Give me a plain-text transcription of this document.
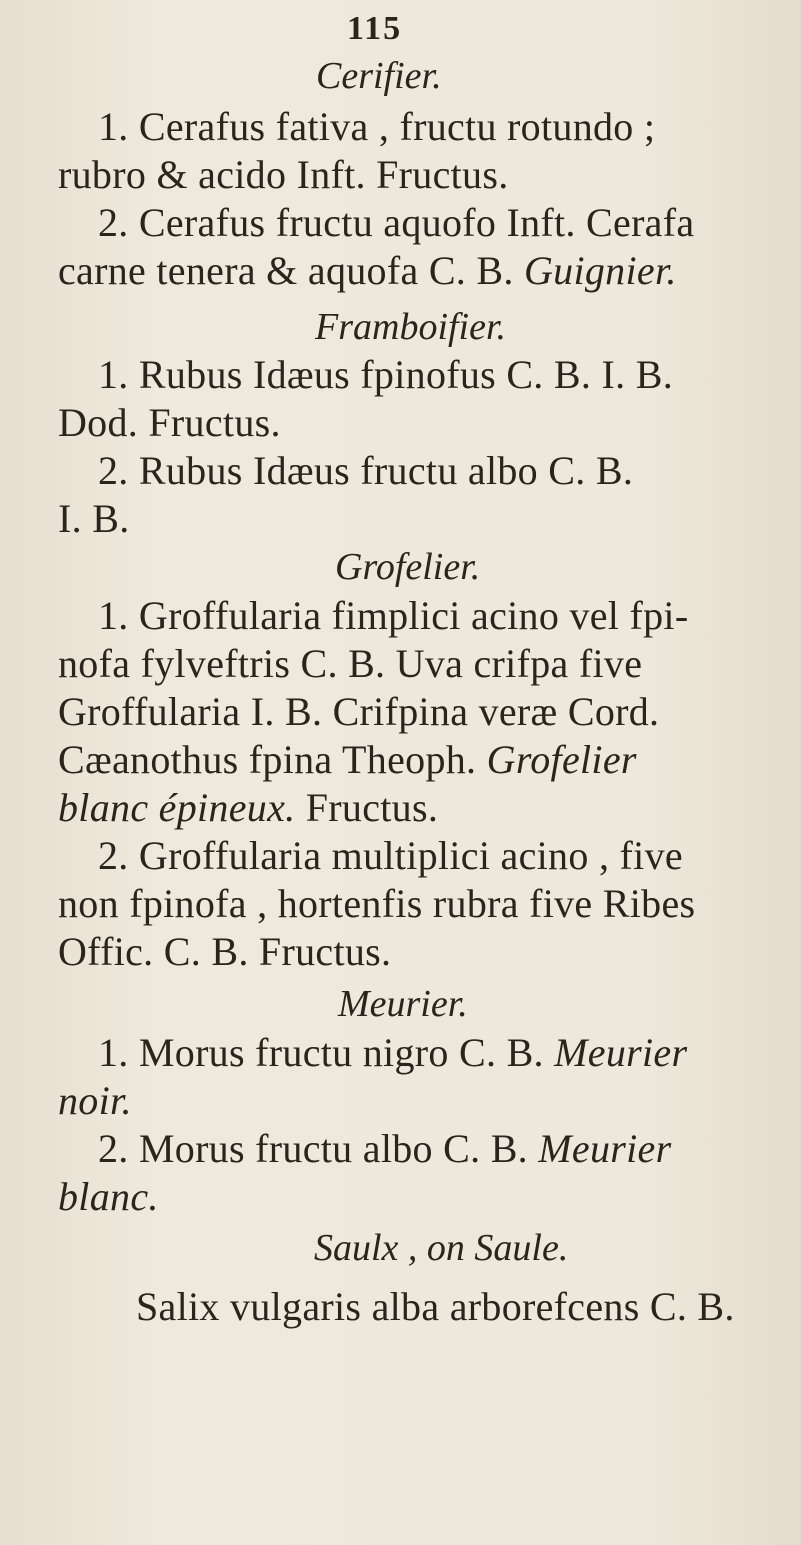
115
Cerifier.
1. Cerafus fativa , fructu rotundo ;
rubro & acido Inft. Fructus.
2. Cerafus fructu aquofo Inft. Cerafa
carne tenera & aquofa C. B. Guignier.
Framboifier.
1. Rubus Idæus fpinofus C. B. I. B.
Dod. Fructus.
2. Rubus Idæus fructu albo C. B.
I. B.
Grofelier.
1. Groffularia fimplici acino vel fpi-
nofa fylveftris C. B. Uva crifpa five
Groffularia I. B. Crifpina veræ Cord.
Cæanothus fpina Theoph. Grofelier
blanc épineux. Fructus.
2. Groffularia multiplici acino , five
non fpinofa , hortenfis rubra five Ribes
Offic. C. B. Fructus.
Meurier.
1. Morus fructu nigro C. B. Meurier
noir.
2. Morus fructu albo C. B. Meurier
blanc.
Saulx , on Saule.
Salix vulgaris alba arborefcens C. B.
